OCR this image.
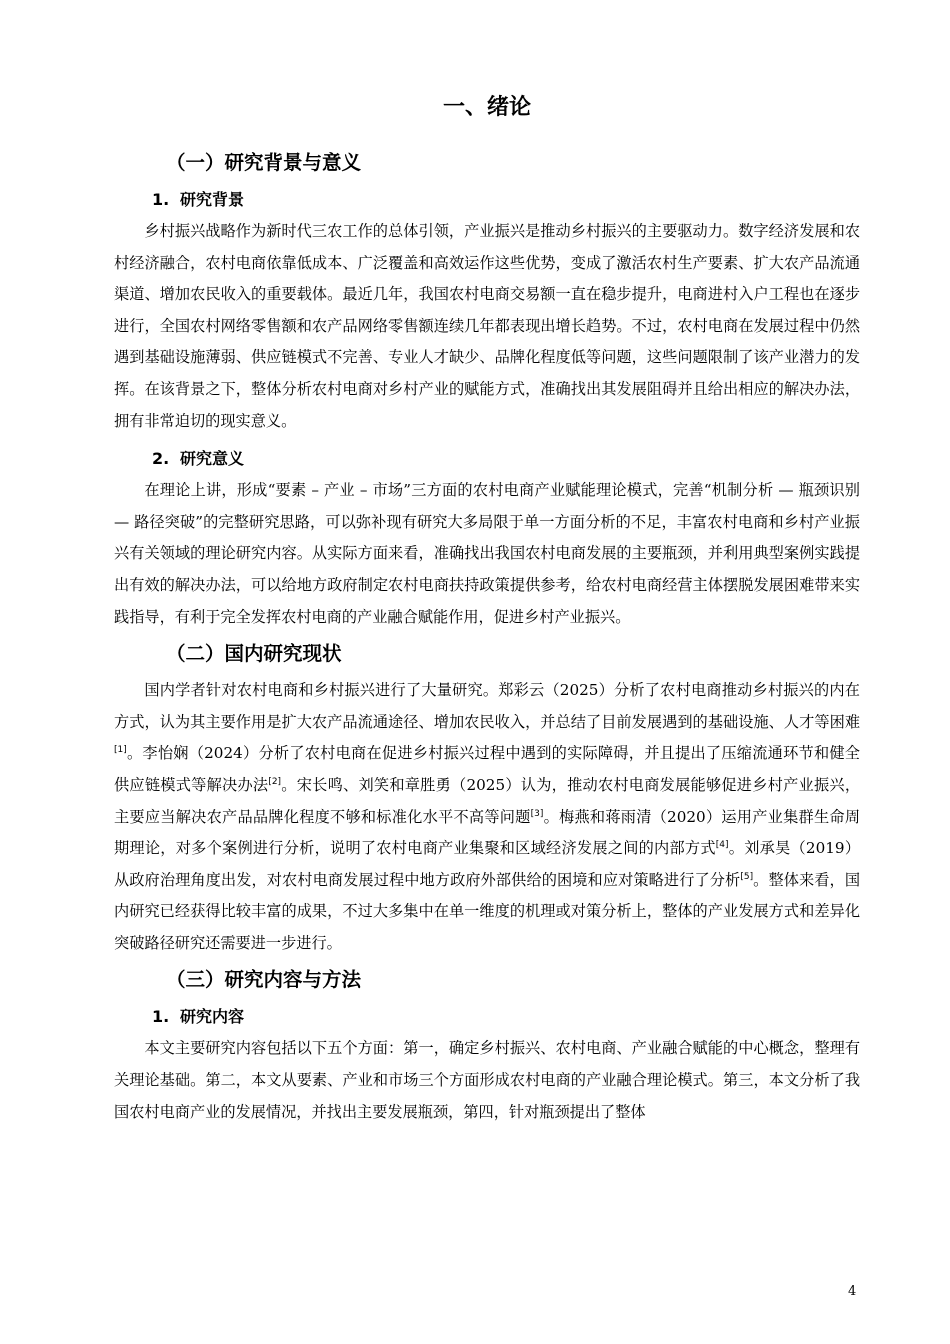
一、绪论
（一）研究背景与意义
1. 研究背景

乡村振兴战略作为新时代三农工作的总体引领，产业振兴是推动乡村振兴的主要驱动力。数字经济发展和农村经济融合，农村电商依靠低成本、广泛覆盖和高效运作这些优势，变成了激活农村生产要素、扩大农产品流通渠道、增加农民收入的重要载体。最近几年，我国农村电商交易额一直在稳步提升，电商进村入户工程也在逐步进行，全国农村网络零售额和农产品网络零售额连续几年都表现出增长趋势。不过，农村电商在发展过程中仍然遇到基础设施薄弱、供应链模式不完善、专业人才缺少、品牌化程度低等问题，这些问题限制了该产业潜力的发挥。在该背景之下，整体分析农村电商对乡村产业的赋能方式，准确找出其发展阻碍并且给出相应的解决办法，拥有非常迫切的现实意义。

2. 研究意义

在理论上讲，形成“要素 – 产业 – 市场”三方面的农村电商产业赋能理论模式，完善“机制分析 — 瓶颈识别 — 路径突破”的完整研究思路，可以弥补现有研究大多局限于单一方面分析的不足，丰富农村电商和乡村产业振兴有关领域的理论研究内容。从实际方面来看，准确找出我国农村电商发展的主要瓶颈，并利用典型案例实践提出有效的解决办法，可以给地方政府制定农村电商扶持政策提供参考，给农村电商经营主体摆脱发展困难带来实践指导，有利于完全发挥农村电商的产业融合赋能作用，促进乡村产业振兴。

（二）国内研究现状

国内学者针对农村电商和乡村振兴进行了大量研究。郑彩云（2025）分析了农村电商推动乡村振兴的内在方式，认为其主要作用是扩大农产品流通途径、增加农民收入，并总结了目前发展遇到的基础设施、人才等困难[1]。李怡娴（2024）分析了农村电商在促进乡村振兴过程中遇到的实际障碍，并且提出了压缩流通环节和健全供应链模式等解决办法[2]。宋长鸣、刘笑和章胜勇（2025）认为，推动农村电商发展能够促进乡村产业振兴，主要应当解决农产品品牌化程度不够和标准化水平不高等问题[3]。梅燕和蒋雨清（2020）运用产业集群生命周期理论，对多个案例进行分析，说明了农村电商产业集聚和区域经济发展之间的内部方式[4]。刘承昊（2019）从政府治理角度出发，对农村电商发展过程中地方政府外部供给的困境和应对策略进行了分析[5]。整体来看，国内研究已经获得比较丰富的成果，不过大多集中在单一维度的机理或对策分析上，整体的产业发展方式和差异化突破路径研究还需要进一步进行。

（三）研究内容与方法
1. 研究内容

本文主要研究内容包括以下五个方面：第一，确定乡村振兴、农村电商、产业融合赋能的中心概念，整理有关理论基础。第二，本文从要素、产业和市场三个方面形成农村电商的产业融合理论模式。第三，本文分析了我国农村电商产业的发展情况，并找出主要发展瓶颈，第四，针对瓶颈提出了整体

4
